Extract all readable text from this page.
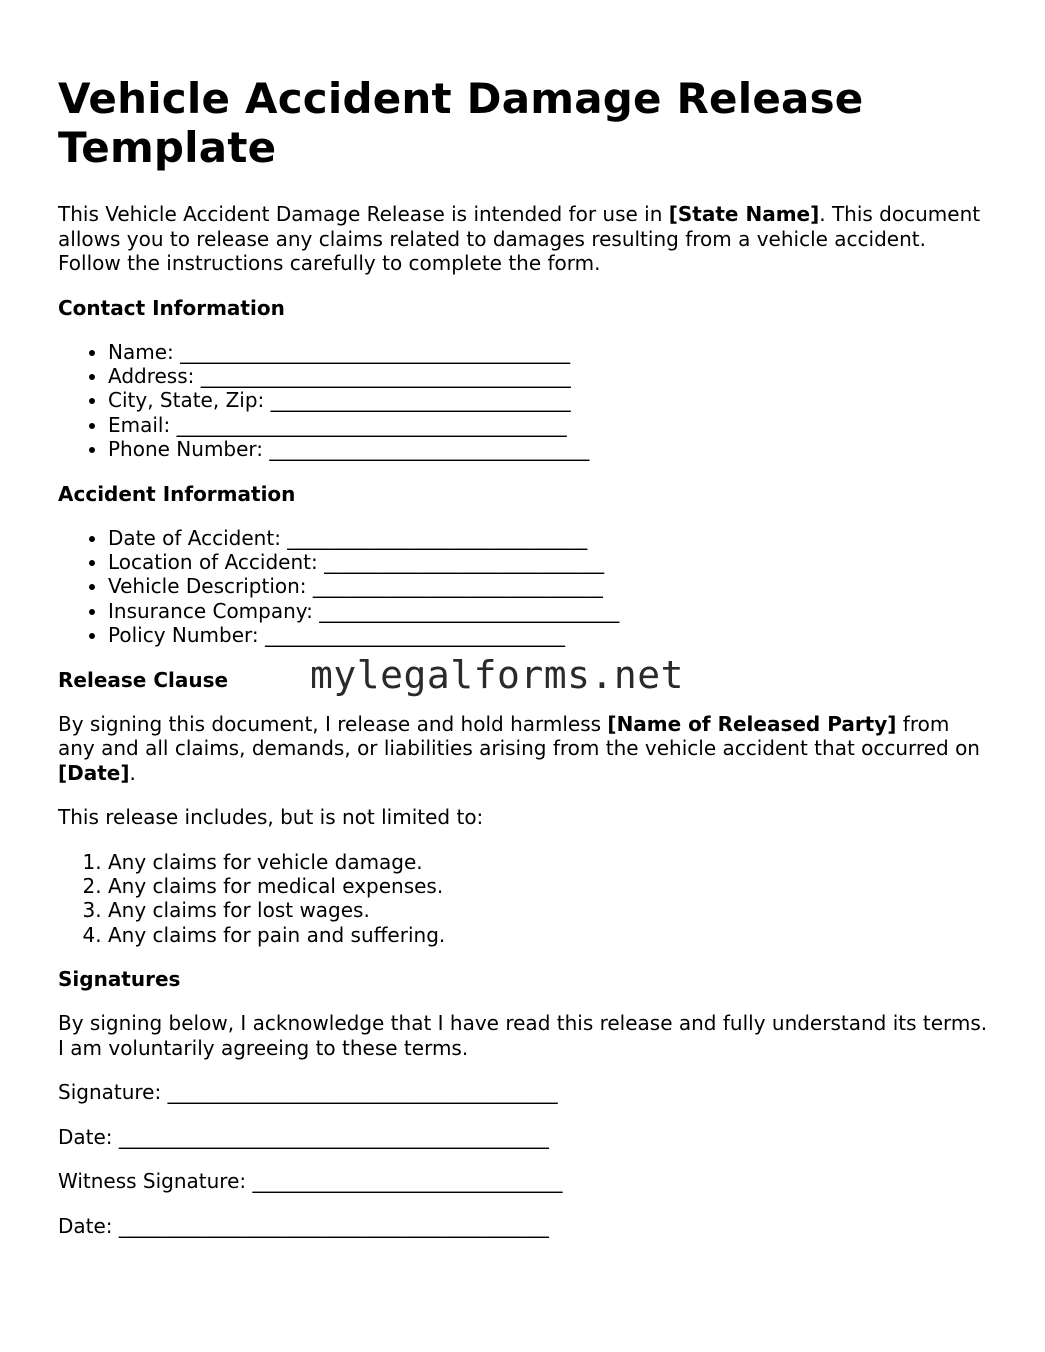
Vehicle Accident Damage Release Template

This Vehicle Accident Damage Release is intended for use in [State Name]. This document allows you to release any claims related to damages resulting from a vehicle accident. Follow the instructions carefully to complete the form.

Contact Information
• Name: _______________________________________
• Address: _____________________________________
• City, State, Zip: ______________________________
• Email: _______________________________________
• Phone Number: ________________________________
Accident Information
• Date of Accident: ______________________________
• Location of Accident: ____________________________
• Vehicle Description: _____________________________
• Insurance Company: ______________________________
• Policy Number: ______________________________
Release Clause	mylegalforms.net

By signing this document, I release and hold harmless [Name of Released Party] from any and all claims, demands, or liabilities arising from the vehicle accident that occurred on [Date].

This release includes, but is not limited to:

1. Any claims for vehicle damage.
2. Any claims for medical expenses.
3. Any claims for lost wages.
4. Any claims for pain and suffering.
Signatures

By signing below, I acknowledge that I have read this release and fully understand its terms. I am voluntarily agreeing to these terms.

Signature: _______________________________________
Date: ___________________________________________
Witness Signature: _______________________________
Date: ___________________________________________
